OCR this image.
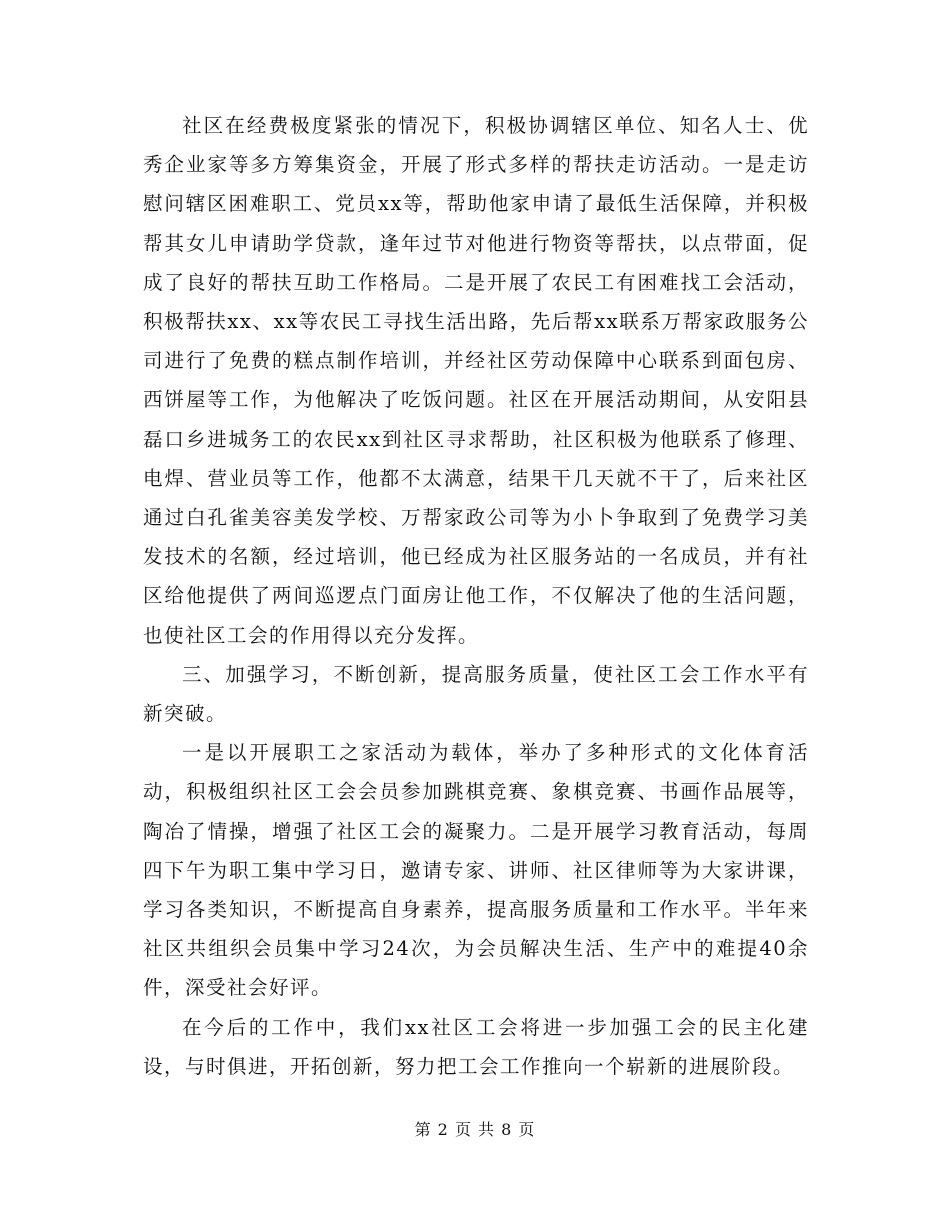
社区在经费极度紧张的情况下，积极协调辖区单位、知名人士、优秀企业家等多方筹集资金，开展了形式多样的帮扶走访活动。一是走访慰问辖区困难职工、党员xx等，帮助他家申请了最低生活保障，并积极帮其女儿申请助学贷款，逢年过节对他进行物资等帮扶，以点带面，促成了良好的帮扶互助工作格局。二是开展了农民工有困难找工会活动，积极帮扶xx、xx等农民工寻找生活出路，先后帮xx联系万帮家政服务公司进行了免费的糕点制作培训，并经社区劳动保障中心联系到面包房、西饼屋等工作，为他解决了吃饭问题。社区在开展活动期间，从安阳县磊口乡进城务工的农民xx到社区寻求帮助，社区积极为他联系了修理、电焊、营业员等工作，他都不太满意，结果干几天就不干了，后来社区通过白孔雀美容美发学校、万帮家政公司等为小卜争取到了免费学习美发技术的名额，经过培训，他已经成为社区服务站的一名成员，并有社区给他提供了两间巡逻点门面房让他工作，不仅解决了他的生活问题，也使社区工会的作用得以充分发挥。

三、加强学习，不断创新，提高服务质量，使社区工会工作水平有新突破。

一是以开展职工之家活动为载体，举办了多种形式的文化体育活动，积极组织社区工会会员参加跳棋竞赛、象棋竞赛、书画作品展等，陶冶了情操，增强了社区工会的凝聚力。二是开展学习教育活动，每周四下午为职工集中学习日，邀请专家、讲师、社区律师等为大家讲课，学习各类知识，不断提高自身素养，提高服务质量和工作水平。半年来社区共组织会员集中学习24次，为会员解决生活、生产中的难提40余件，深受社会好评。

在今后的工作中，我们xx社区工会将进一步加强工会的民主化建设，与时俱进，开拓创新，努力把工会工作推向一个崭新的进展阶段。

第 2 页 共 8 页
